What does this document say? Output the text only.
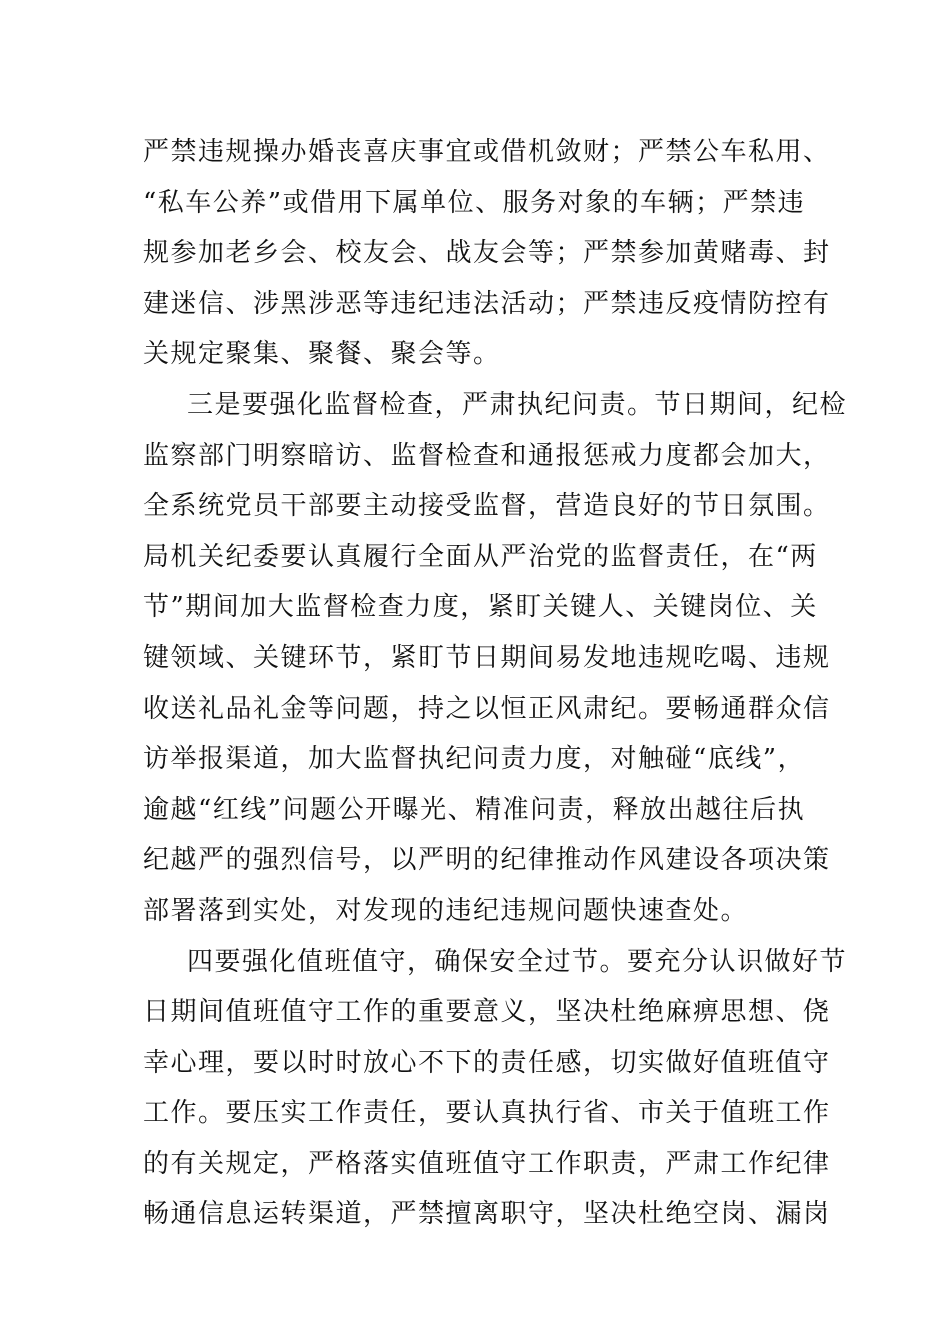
严禁违规操办婚丧喜庆事宜或借机敛财；严禁公车私用、
“私车公养”或借用下属单位、服务对象的车辆；严禁违
规参加老乡会、校友会、战友会等；严禁参加黄赌毒、封
建迷信、涉黑涉恶等违纪违法活动；严禁违反疫情防控有
关规定聚集、聚餐、聚会等。
三是要强化监督检查，严肃执纪问责。节日期间，纪检
监察部门明察暗访、监督检查和通报惩戒力度都会加大，
全系统党员干部要主动接受监督，营造良好的节日氛围。
局机关纪委要认真履行全面从严治党的监督责任，在“两
节”期间加大监督检查力度，紧盯关键人、关键岗位、关
键领域、关键环节，紧盯节日期间易发地违规吃喝、违规
收送礼品礼金等问题，持之以恒正风肃纪。要畅通群众信
访举报渠道，加大监督执纪问责力度，对触碰“底线”，
逾越“红线”问题公开曝光、精准问责，释放出越往后执
纪越严的强烈信号，以严明的纪律推动作风建设各项决策
部署落到实处，对发现的违纪违规问题快速查处。
四要强化值班值守，确保安全过节。要充分认识做好节
日期间值班值守工作的重要意义，坚决杜绝麻痹思想、侥
幸心理，要以时时放心不下的责任感，切实做好值班值守
工作。要压实工作责任，要认真执行省、市关于值班工作
的有关规定，严格落实值班值守工作职责，严肃工作纪律
畅通信息运转渠道，严禁擅离职守，坚决杜绝空岗、漏岗
